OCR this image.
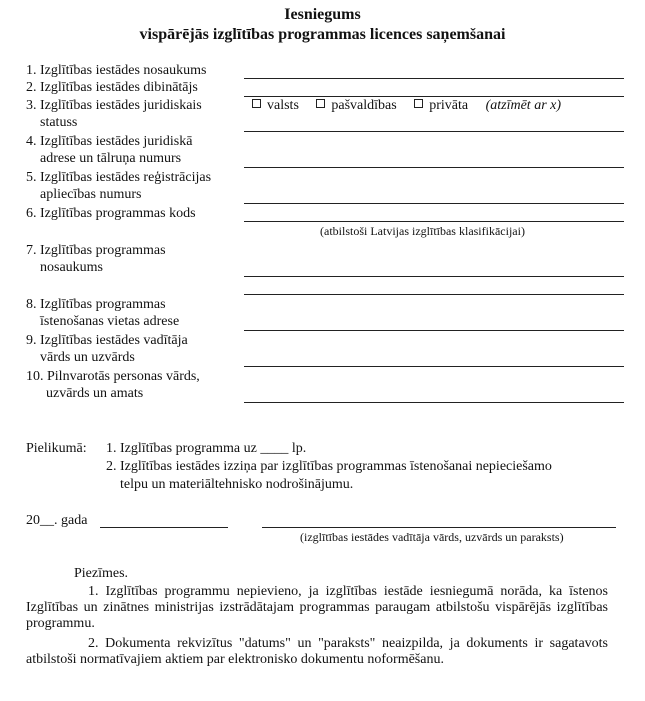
Iesniegums
vispārējās izglītības programmas licences saņemšanai
1. Izglītības iestādes nosaukums
2. Izglītības iestādes dibinātājs
3. Izglītības iestādes juridiskais
statuss
valsts pašvaldības privāta (atzīmēt ar x)
4. Izglītības iestādes juridiskā
adrese un tālruņa numurs
5. Izglītības iestādes reģistrācijas
apliecības numurs
6. Izglītības programmas kods
(atbilstoši Latvijas izglītības klasifikācijai)
7. Izglītības programmas
nosaukums
8. Izglītības programmas
īstenošanas vietas adrese
9. Izglītības iestādes vadītāja
vārds un uzvārds
10. Pilnvarotās personas vārds,
uzvārds un amats
Pielikumā: 1. Izglītības programma uz ____ lp.
2. Izglītības iestādes izziņa par izglītības programmas īstenošanai nepieciešamo
telpu un materiāltehnisko nodrošinājumu.
20__. gada
(izglītības iestādes vadītāja vārds, uzvārds un paraksts)
Piezīmes.
1. Izglītības programmu nepievieno, ja izglītības iestāde iesniegumā norāda, ka īstenos Izglītības un zinātnes ministrijas izstrādātajam programmas paraugam atbilstošu vispārējās izglītības programmu.
2. Dokumenta rekvizītus "datums" un "paraksts" neaizpilda, ja dokuments ir sagatavots atbilstoši normatīvajiem aktiem par elektronisko dokumentu noformēšanu.
